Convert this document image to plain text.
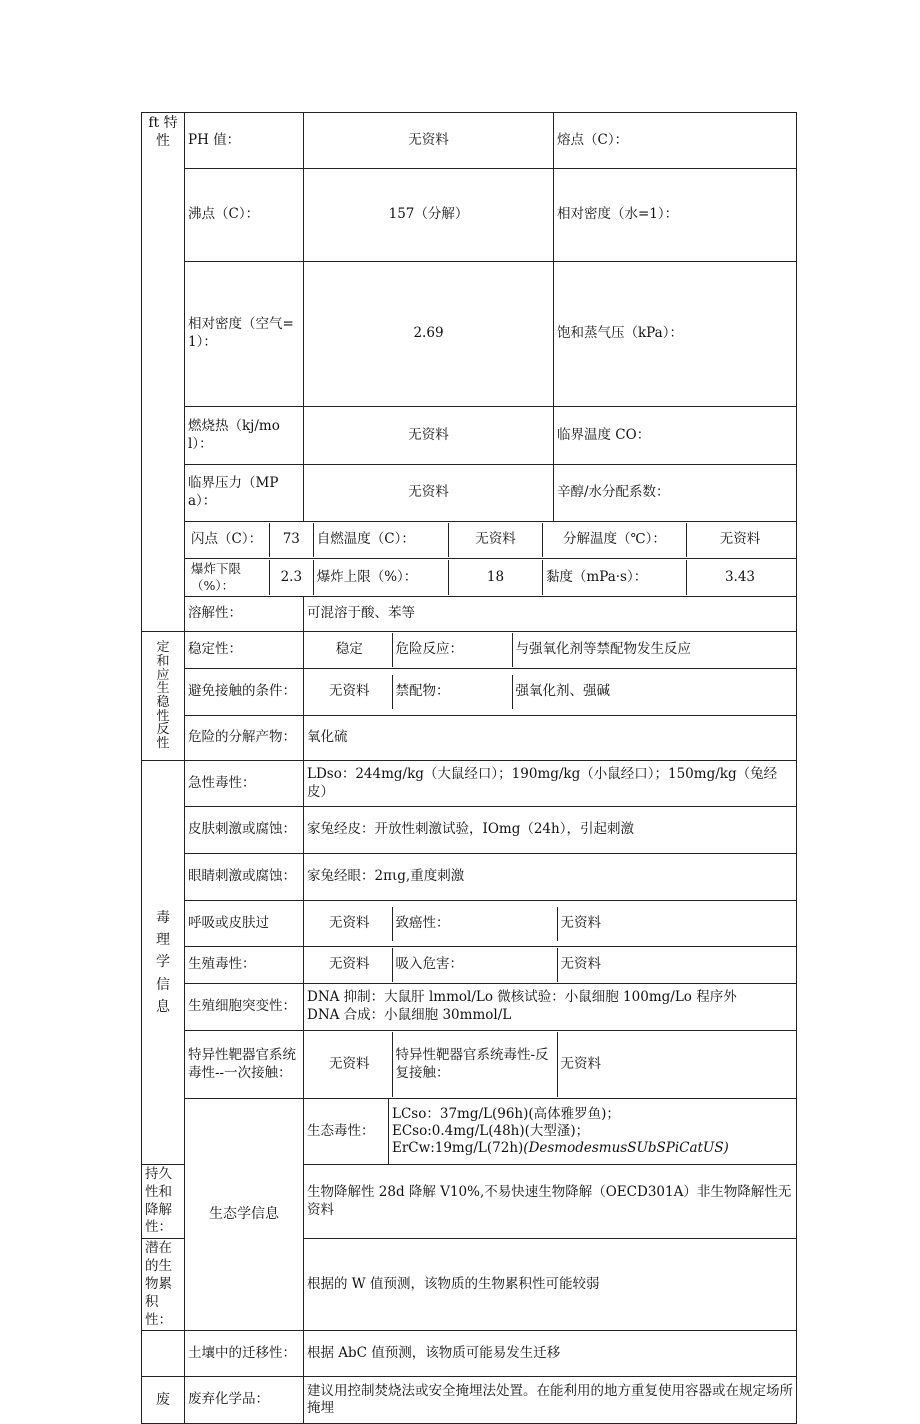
ft 特性	PH 值：	无资料	熔点（C）：	
沸点（C）：	157（分解）	相对密度（水=1）：	
相对密度（空气=1）：	2.69	饱和蒸气压（kPa）：	
燃烧热（kj/mol）：	无资料	临界温度 CO：	
临界压力（MPa）：	无资料	辛醇/水分配系数：	

闪点（C）：	73	自燃温度（C）：	无资料	分解温度（℃）：	无资料

爆炸下限（%）：	2.3	爆炸上限（%）：	18	黏度（mPa·s）：	3.43

溶解性：	可混溶于酸、苯等
定和应生稳性反性	稳定性：		稳定	危险反应：	与强氧化剂等禁配物发生反应

避免接触的条件：	无资料	禁配物：	强氧化剂、强碱

危险的分解产物：	氧化硫
毒理学信息	急性毒性：	LDso：244mg/kg（大鼠经口）；190mg/kg（小鼠经口）；150mg/kg（兔经皮）
皮肤刺激或腐蚀：	家兔经皮：开放性刺激试验，IOmg（24h），引起刺激
眼睛刺激或腐蚀：	家兔经眼：2πιg,重度刺激
呼吸或皮肤过		无资料	致癌性：	无资料

生殖毒性：		无资料	吸入危害：	无资料

生殖细胞突变性：	
DNA 抑制：大鼠肝 lmmol/Lo 微核试验：小鼠细胞 100mg/Lo 程序外
DNA 合成：小鼠细胞 30mmol/L

特异性靶器官系统毒性--一次接触：	
无资料	特异性靶器官系统毒性-反复接触：	无资料

生态学信息	生态毒性：	
LCso：37mg/L(96h)(高体雅罗鱼)；
ECso:0.4mg/L(48h)(大型溞)；
ErCw:19mg/L(72h)(DesmodesmusSUbSPiCatUS)

持久性和降解性：	生物降解性 28d 降解 V10%,不易快速生物降解（OECD301A）非生物降解性无资料
潜在的生物累积性：	根据的 W 值预测，该物质的生物累积性可能较弱
	土壤中的迁移性：	根据 AbC 值预测，该物质可能易发生迁移
废	废弃化学品：	建议用控制焚烧法或安全掩埋法处置。在能利用的地方重复使用容器或在规定场所掩埋
